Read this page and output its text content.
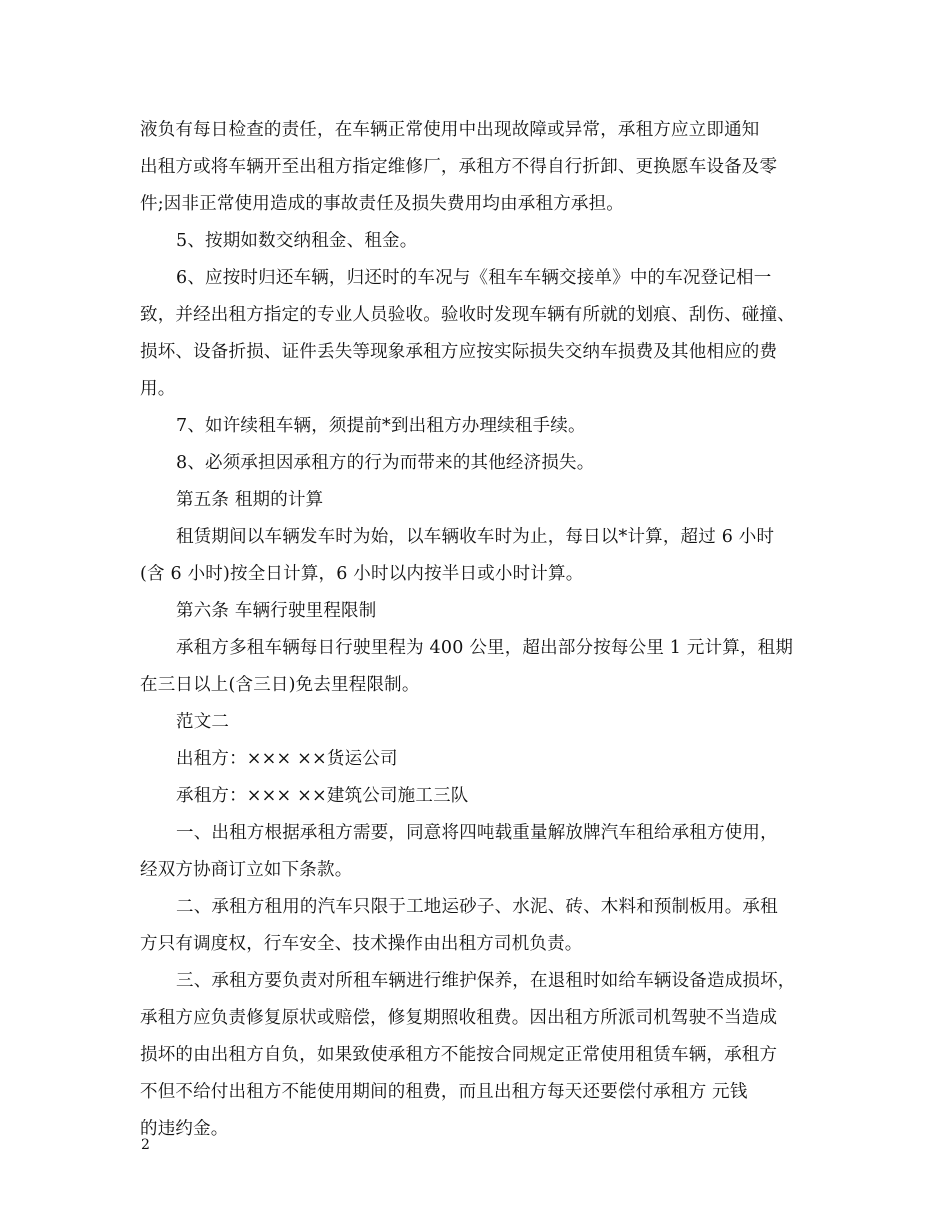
液负有每日检查的责任，在车辆正常使用中出现故障或异常，承租方应立即通知
出租方或将车辆开至出租方指定维修厂，承租方不得自行折卸、更换愿车设备及零
件;因非正常使用造成的事故责任及损失费用均由承租方承担。
5、按期如数交纳租金、租金。
6、应按时归还车辆，归还时的车况与《租车车辆交接单》中的车况登记相一
致，并经出租方指定的专业人员验收。验收时发现车辆有所就的划痕、刮伤、碰撞、
损坏、设备折损、证件丢失等现象承租方应按实际损失交纳车损费及其他相应的费
用。
7、如许续租车辆，须提前*到出租方办理续租手续。
8、必须承担因承租方的行为而带来的其他经济损失。
第五条 租期的计算
租赁期间以车辆发车时为始，以车辆收车时为止，每日以*计算，超过 6 小时
(含 6 小时)按全日计算，6 小时以内按半日或小时计算。
第六条 车辆行驶里程限制
承租方多租车辆每日行驶里程为 400 公里，超出部分按每公里 1 元计算，租期
在三日以上(含三日)免去里程限制。
范文二
出租方：××× ××货运公司
承租方：××× ××建筑公司施工三队
一、出租方根据承租方需要，同意将四吨载重量解放牌汽车租给承租方使用，
经双方协商订立如下条款。
二、承租方租用的汽车只限于工地运砂子、水泥、砖、木料和预制板用。承租
方只有调度权，行车安全、技术操作由出租方司机负责。
三、承租方要负责对所租车辆进行维护保养，在退租时如给车辆设备造成损坏，
承租方应负责修复原状或赔偿，修复期照收租费。因出租方所派司机驾驶不当造成
损坏的由出租方自负，如果致使承租方不能按合同规定正常使用租赁车辆，承租方
不但不给付出租方不能使用期间的租费，而且出租方每天还要偿付承租方 元钱
的违约金。
2
